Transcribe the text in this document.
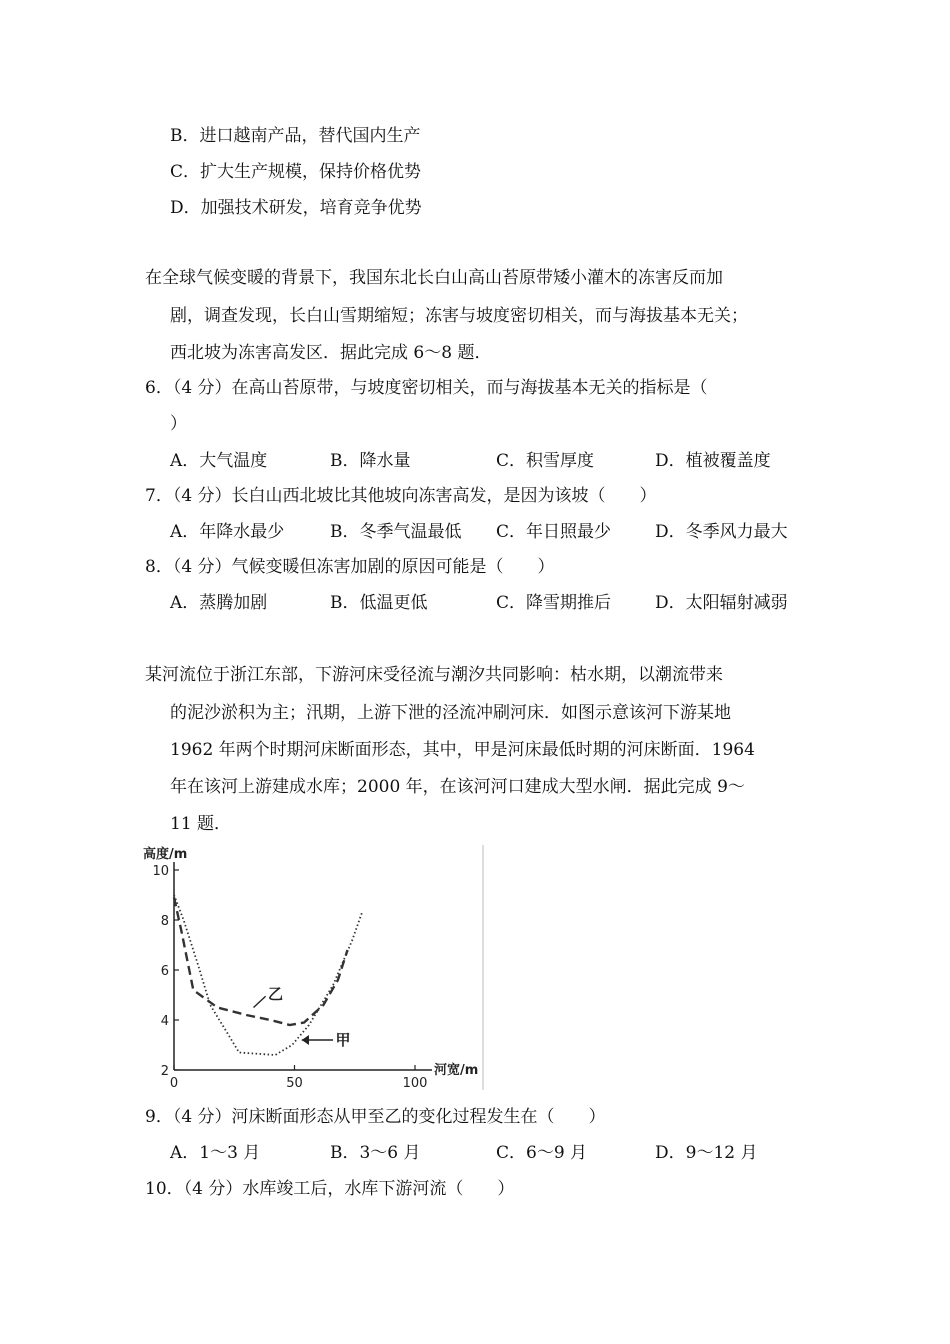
B．进口越南产品，替代国内生产
C．扩大生产规模，保持价格优势
D．加强技术研发，培育竞争优势
在全球气候变暖的背景下，我国东北长白山高山苔原带矮小灌木的冻害反而加
剧，调查发现，长白山雪期缩短；冻害与坡度密切相关，而与海拔基本无关；
西北坡为冻害高发区．据此完成 6～8 题．
6．（4 分）在高山苔原带，与坡度密切相关，而与海拔基本无关的指标是（
）
A．大气温度	B．降水量	C．积雪厚度	D．植被覆盖度
7．（4 分）长白山西北坡比其他坡向冻害高发，是因为该坡（　　）
A．年降水最少	B．冬季气温最低 C．年日照最少	D．冬季风力最大
8．（4 分）气候变暖但冻害加剧的原因可能是（　　）
A．蒸腾加剧	B．低温更低	C．降雪期推后	D．太阳辐射减弱
某河流位于浙江东部，下游河床受径流与潮汐共同影响：枯水期，以潮流带来
的泥沙淤积为主；汛期，上游下泄的泾流冲刷河床．如图示意该河下游某地
1962 年两个时期河床断面形态，其中，甲是河床最低时期的河床断面．1964
年在该河上游建成水库；2000 年，在该河河口建成大型水闸．据此完成 9～
11 题．
2
4
6
8
10
0	50	100
高度/m
河宽/m
乙
甲
9．（4 分）河床断面形态从甲至乙的变化过程发生在（　　）
A．1～3 月	B．3～6 月	C．6～9 月	D．9～12 月
10．（4 分）水库竣工后，水库下游河流（　　）
